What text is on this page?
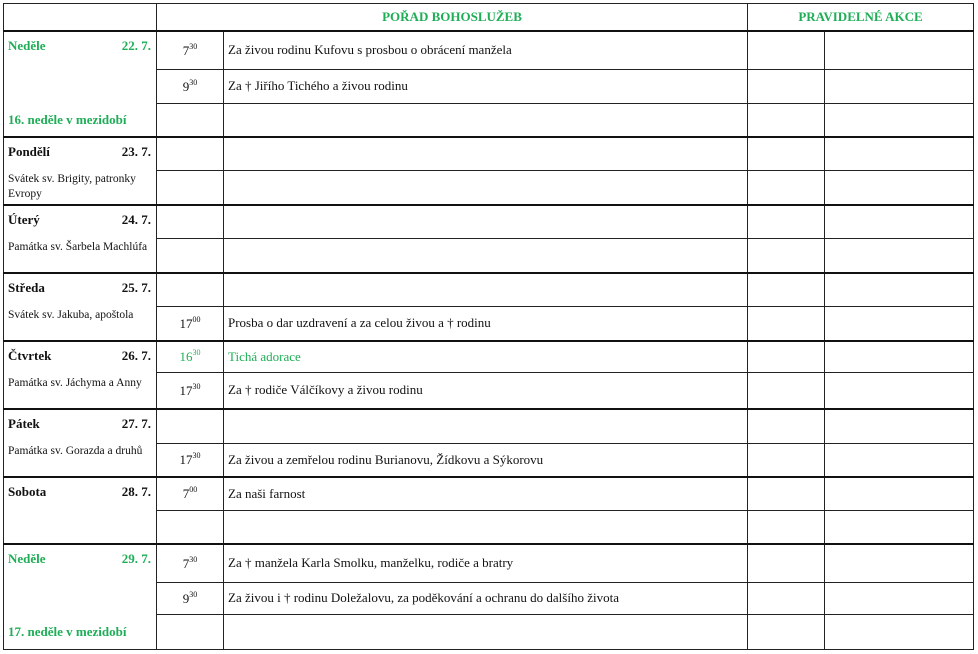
	POŘAD BOHOSLUŽEB		PRAVIDELNÉ AKCE	

Neděle 22. 7.
16. neděle v mezidobí	$7^{30}$	Za živou rodinu Kufovu s prosbou o obrácení manžela		
	$9^{30}$	Za † Jiřího Tichého a živou rodinu		

Pondělí 23. 7.
Svátek sv. Brigity, patronky Evropy				

Úterý 24. 7.
Památka sv. Šarbela Machlúfa				

Středa 25. 7.
Svátek sv. Jakuba, apoštola				

	$17^{00}$	Prosba o dar uzdravení a za celou živou a † rodinu		

Čtvrtek 26. 7.
Památka sv. Jáchyma a Anny	$16^{30}$	Tichá adorace		
	$17^{30}$	Za † rodiče Válčíkovy a živou rodinu		

Pátek 27. 7.
Památka sv. Gorazda a druhů				

	$17^{30}$	Za živou a zemřelou rodinu Burianovu, Žídkovu a Sýkorovu		

Sobota 28. 7.	$7^{00}$	Za naši farnost		

Neděle 29. 7.
17. neděle v mezidobí	$7^{30}$	Za † manžela Karla Smolku, manželku, rodiče a bratry		
	$9^{30}$	Za živou i † rodinu Doležalovu, za poděkování a ochranu do dalšího života		
